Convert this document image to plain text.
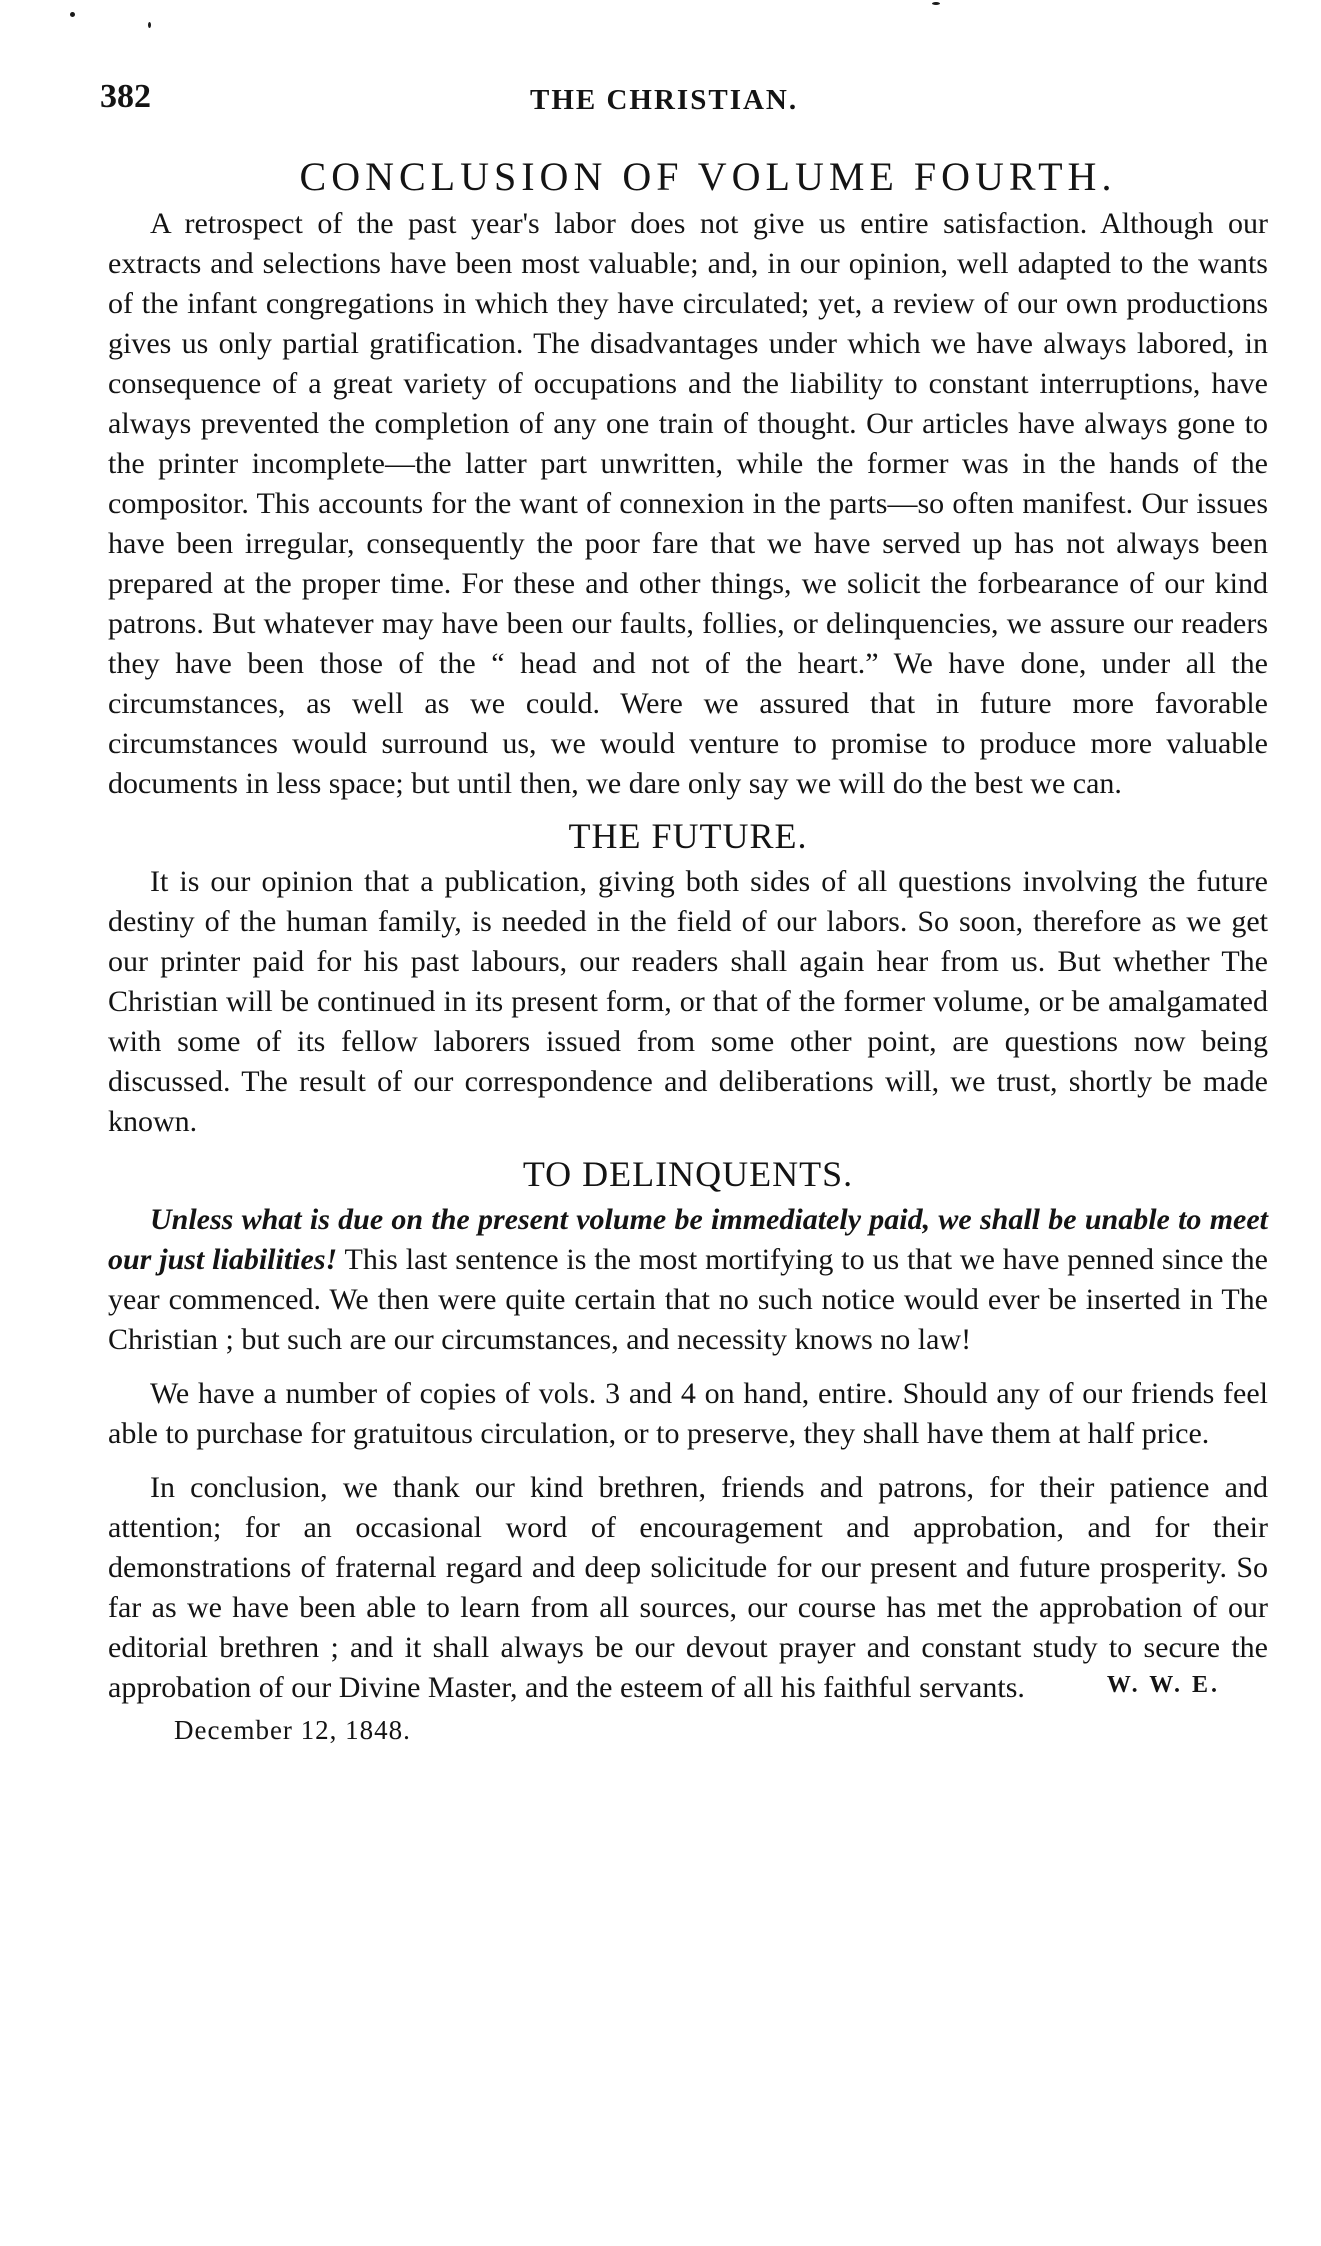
382	THE CHRISTIAN.
CONCLUSION OF VOLUME FOURTH.

A retrospect of the past year's labor does not give us entire satisfaction. Although our extracts and selections have been most valuable; and, in our opinion, well adapted to the wants of the infant congregations in which they have circulated; yet, a review of our own productions gives us only partial gratification. The disadvantages under which we have always labored, in consequence of a great variety of occupations and the liability to constant interruptions, have always prevented the completion of any one train of thought. Our articles have always gone to the printer incomplete—the latter part unwritten, while the former was in the hands of the compositor. This accounts for the want of connexion in the parts—so often manifest. Our issues have been irregular, consequently the poor fare that we have served up has not always been prepared at the proper time. For these and other things, we solicit the forbearance of our kind patrons. But whatever may have been our faults, follies, or delinquencies, we assure our readers they have been those of the “ head and not of the heart.” We have done, under all the circumstances, as well as we could. Were we assured that in future more favorable circumstances would surround us, we would venture to promise to produce more valuable documents in less space; but until then, we dare only say we will do the best we can.

THE FUTURE.

It is our opinion that a publication, giving both sides of all questions involving the future destiny of the human family, is needed in the field of our labors. So soon, therefore as we get our printer paid for his past labours, our readers shall again hear from us. But whether The Christian will be continued in its present form, or that of the former volume, or be amalgamated with some of its fellow laborers issued from some other point, are questions now being discussed. The result of our correspondence and deliberations will, we trust, shortly be made known.

TO DELINQUENTS.

Unless what is due on the present volume be immediately paid, we shall be unable to meet our just liabilities! This last sentence is the most mortifying to us that we have penned since the year commenced. We then were quite certain that no such notice would ever be inserted in The Christian ; but such are our circumstances, and necessity knows no law!

We have a number of copies of vols. 3 and 4 on hand, entire. Should any of our friends feel able to purchase for gratuitous circulation, or to preserve, they shall have them at half price.

In conclusion, we thank our kind brethren, friends and patrons, for their patience and attention; for an occasional word of encouragement and approbation, and for their demonstrations of fraternal regard and deep solicitude for our present and future prosperity. So far as we have been able to learn from all sources, our course has met the approbation of our editorial brethren ; and it shall always be our devout prayer and constant study to secure the approbation of our Divine Master, and the esteem of all his faithful servants.	W. W. E.

December 12, 1848.
